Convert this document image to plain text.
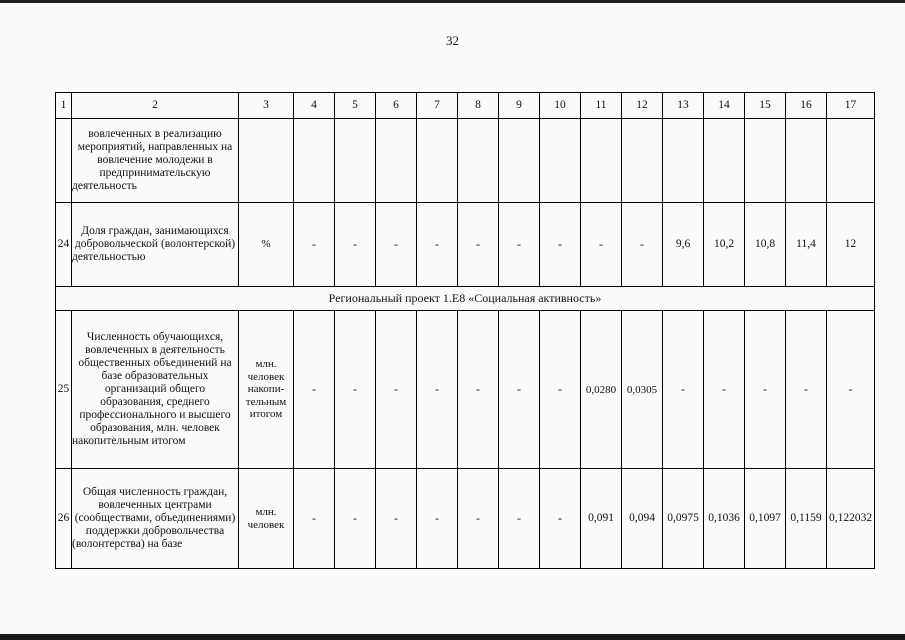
32
1	2	3	4	5	6	7	8	9	10	11	12	13	14	15	16	17
	вовлеченных в реализацию мероприятий, направленных на вовлечение молодежи в предпринимательскую деятельность															
24	Доля граждан, занимающихся добровольческой (волонтерской) деятельностью	%	-	-	-	-	-	-	-	-	-	9,6	10,2	10,8	11,4	12
Региональный проект 1.Е8 «Социальная активность»																
25	Численность обучающихся, вовлеченных в деятельность общественных объединений на базе образовательных организаций общего образования, среднего профессионального и высшего образования, млн. человек накопительным итогом	млн. человек накопи-тельным итогом	-	-	-	-	-	-	-	0,0280	0,0305	-	-	-	-	-
26	Общая численность граждан, вовлеченных центрами (сообществами, объединениями) поддержки добровольчества (волонтерства) на базе	млн. человек	-	-	-	-	-	-	-	0,091	0,094	0,0975	0,1036	0,1097	0,1159	0,122032
